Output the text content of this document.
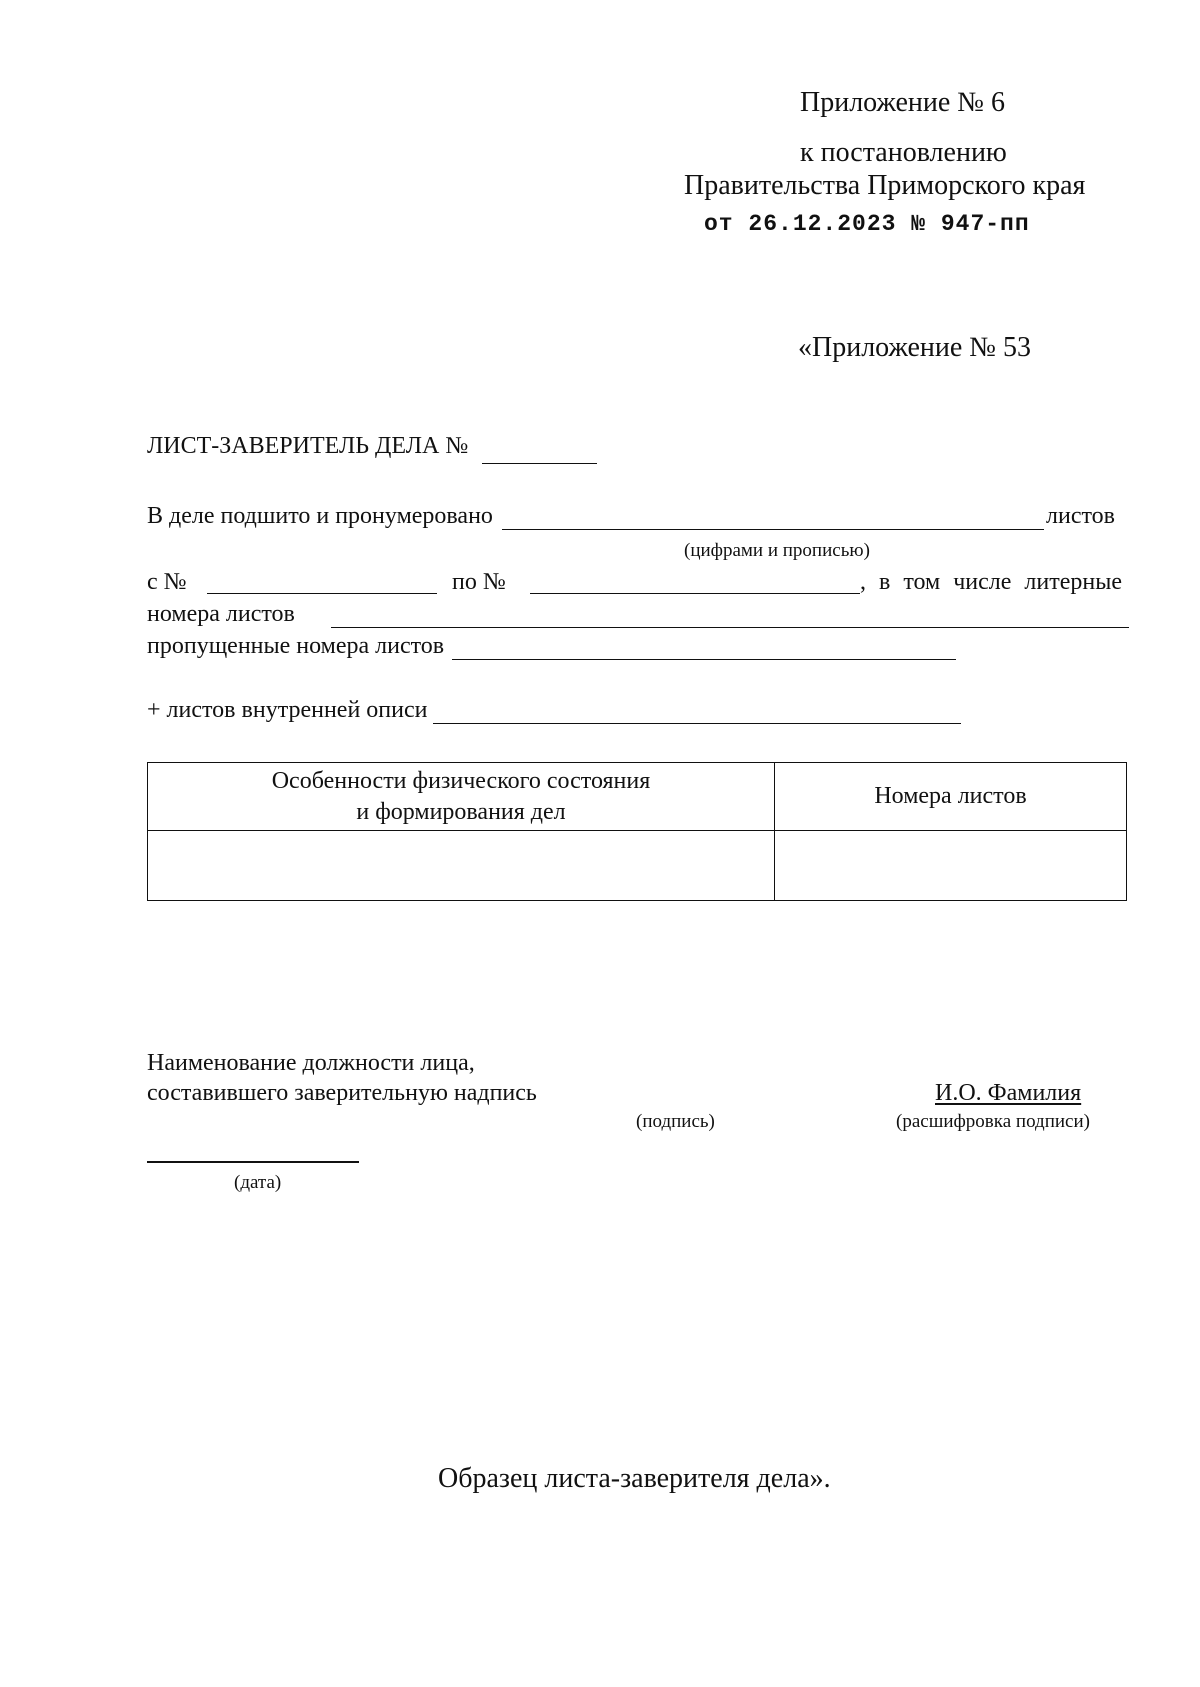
Приложение № 6
к постановлению
Правительства Приморского края
от 26.12.2023 № 947-пп
«Приложение № 53
ЛИСТ-ЗАВЕРИТЕЛЬ ДЕЛА №
В деле подшито и пронумеровано	листов
(цифрами и прописью)
с №	по №	, в том числе литерные
номера листов
пропущенные номера листов
+ листов внутренней описи
Особенности физического состояния
и формирования дел	Номера листов

Наименование должности лица,
составившего заверительную надпись	И.О. Фамилия
(подпись)	(расшифровка подписи)
(дата)
Образец листа-заверителя дела».
